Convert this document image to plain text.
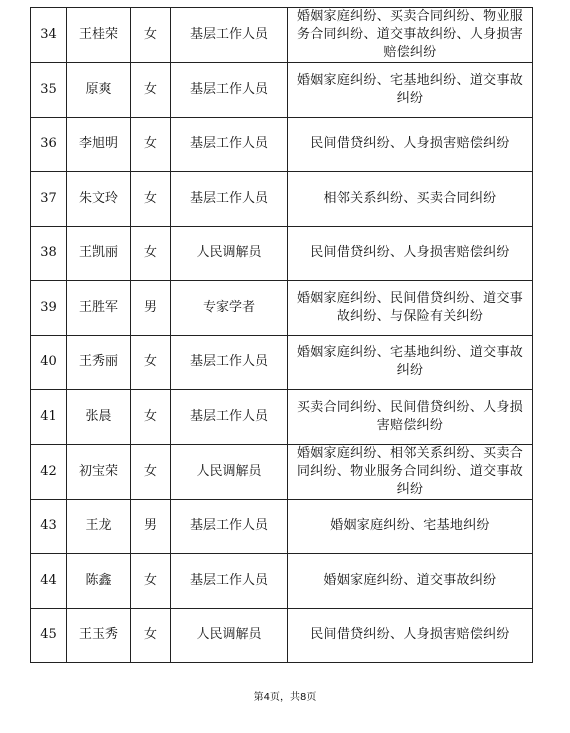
34	王桂荣	女	基层工作人员	婚姻家庭纠纷、买卖合同纠纷、物业服务合同纠纷、道交事故纠纷、人身损害赔偿纠纷
35	原爽	女	基层工作人员	婚姻家庭纠纷、宅基地纠纷、道交事故纠纷
36	李旭明	女	基层工作人员	民间借贷纠纷、人身损害赔偿纠纷
37	朱文玲	女	基层工作人员	相邻关系纠纷、买卖合同纠纷
38	王凯丽	女	人民调解员	民间借贷纠纷、人身损害赔偿纠纷
39	王胜军	男	专家学者	婚姻家庭纠纷、民间借贷纠纷、道交事故纠纷、与保险有关纠纷
40	王秀丽	女	基层工作人员	婚姻家庭纠纷、宅基地纠纷、道交事故纠纷
41	张晨	女	基层工作人员	买卖合同纠纷、民间借贷纠纷、人身损害赔偿纠纷
42	初宝荣	女	人民调解员	婚姻家庭纠纷、相邻关系纠纷、买卖合同纠纷、物业服务合同纠纷、道交事故纠纷
43	王龙	男	基层工作人员	婚姻家庭纠纷、宅基地纠纷
44	陈鑫	女	基层工作人员	婚姻家庭纠纷、道交事故纠纷
45	王玉秀	女	人民调解员	民间借贷纠纷、人身损害赔偿纠纷
第4页，共8页
